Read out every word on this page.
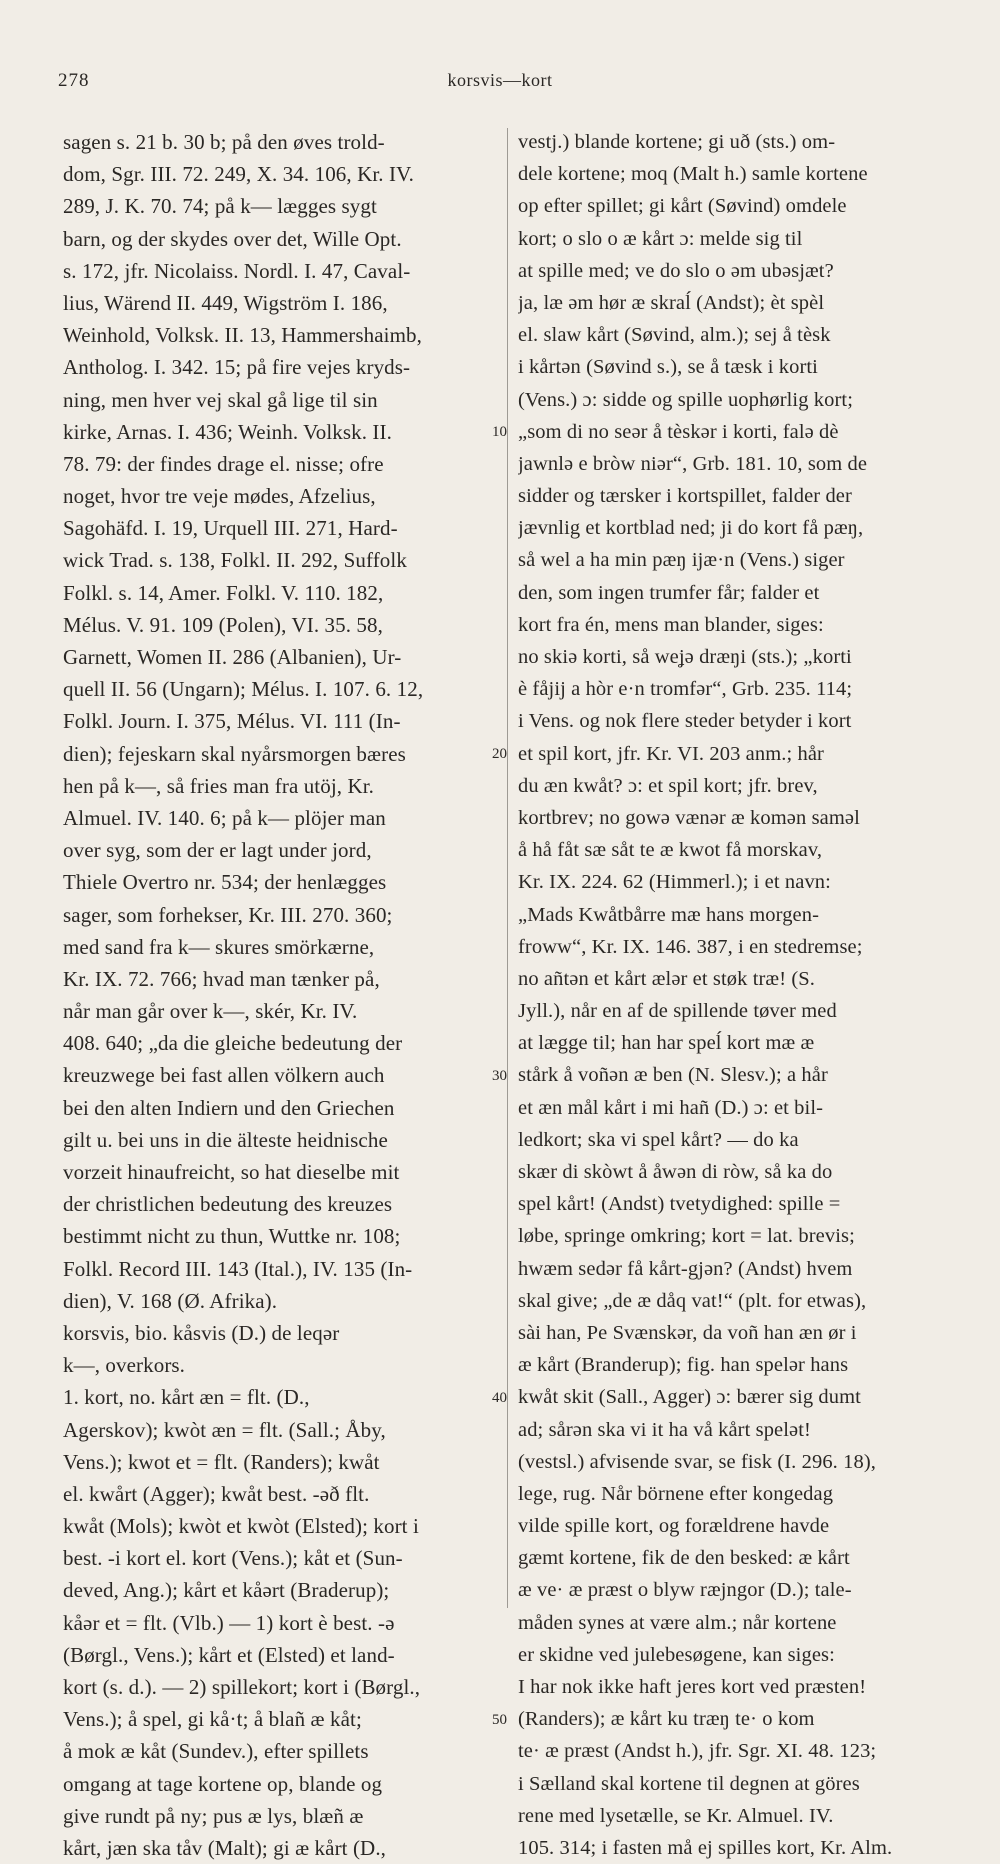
278	korsvis—kort
sagen s. 21 b. 30 b; på den øves trold-
dom, Sgr. III. 72. 249, X. 34. 106, Kr. IV.
289, J. K. 70. 74; på k— lægges sygt
barn, og der skydes over det, Wille Opt.
s. 172, jfr. Nicolaiss. Nordl. I. 47, Caval-
lius, Wärend II. 449, Wigström I. 186,
Weinhold, Volksk. II. 13, Hammershaimb,
Antholog. I. 342. 15; på fire vejes kryds-
ning, men hver vej skal gå lige til sin
kirke, Arnas. I. 436; Weinh. Volksk. II.
78. 79: der findes drage el. nisse; ofre
noget, hvor tre veje mødes, Afzelius,
Sagohäfd. I. 19, Urquell III. 271, Hard-
wick Trad. s. 138, Folkl. II. 292, Suffolk
Folkl. s. 14, Amer. Folkl. V. 110. 182,
Mélus. V. 91. 109 (Polen), VI. 35. 58,
Garnett, Women II. 286 (Albanien), Ur-
quell II. 56 (Ungarn); Mélus. I. 107. 6. 12,
Folkl. Journ. I. 375, Mélus. VI. 111 (In-
dien); fejeskarn skal nyårsmorgen bæres
hen på k—, så fries man fra utöj, Kr.
Almuel. IV. 140. 6; på k— plöjer man
over syg, som der er lagt under jord,
Thiele Overtro nr. 534; der henlægges
sager, som forhekser, Kr. III. 270. 360;
med sand fra k— skures smörkærne,
Kr. IX. 72. 766; hvad man tænker på,
når man går over k—, skér, Kr. IV.
408. 640; „da die gleiche bedeutung der
kreuzwege bei fast allen völkern auch
bei den alten Indiern und den Griechen
gilt u. bei uns in die älteste heidnische
vorzeit hinaufreicht, so hat dieselbe mit
der christlichen bedeutung des kreuzes
bestimmt nicht zu thun, Wuttke nr. 108;
Folkl. Record III. 143 (Ital.), IV. 135 (In-
dien), V. 168 (Ø. Afrika).
korsvis, bio. kåsvis (D.) de leqər
k—, overkors.
1. kort, no. kårt æn = flt. (D.,
Agerskov); kwòt æn = flt. (Sall.; Åby,
Vens.); kwot et = flt. (Randers); kwåt
el. kwårt (Agger); kwåt best. -əð flt.
kwåt (Mols); kwòt et kwòt (Elsted); kort i
best. -i kort el. kort (Vens.); kåt et (Sun-
deved, Ang.); kårt et kåərt (Braderup);
kåər et = flt. (Vlb.) — 1) kort è best. -ə
(Børgl., Vens.); kårt et (Elsted) et land-
kort (s. d.). — 2) spillekort; kort i (Børgl.,
Vens.); å spel, gi kå·t; å blañ æ kåt;
å mok æ kåt (Sundev.), efter spillets
omgang at tage kortene op, blande og
give rundt på ny; pus æ lys, blæñ æ
kårt, jæn ska tåv (Malt); gi æ kårt (D.,
vestj.) blande kortene; gi uð (sts.) om-
dele kortene; moq (Malt h.) samle kortene
op efter spillet; gi kårt (Søvind) omdele
kort; o slo o æ kårt ɔ: melde sig til
at spille med; ve do slo o əm ubəsjæt?
ja, læ əm hør æ skraĺ (Andst); èt spèl
el. slaw kårt (Søvind, alm.); sej å tèsk
i kårtən (Søvind s.), se å tæsk i korti
(Vens.) ɔ: sidde og spille uophørlig kort;
„som di no seər å tèskər i korti, falə dè
jawnlə e bròw niər“, Grb. 181. 10, som de
sidder og tærsker i kortspillet, falder der
jævnlig et kortblad ned; ji do kort få pæŋ,
så wel a ha min pæŋ ijæ·n (Vens.) siger
den, som ingen trumfer får; falder et
kort fra én, mens man blander, siges:
no skiə korti, så weʝə dræŋi (sts.); „korti
è fåjij a hòr e·n tromfər“, Grb. 235. 114;
i Vens. og nok flere steder betyder i kort
et spil kort, jfr. Kr. VI. 203 anm.; hår
du æn kwåt? ɔ: et spil kort; jfr. brev,
kortbrev; no gowə vænər æ komən saməl
å hå fåt sæ såt te æ kwot få morskav,
Kr. IX. 224. 62 (Himmerl.); i et navn:
„Mads Kwåtbårre mæ hans morgen-
froww“, Kr. IX. 146. 387, i en stedremse;
no añtən et kårt ælər et støk træ! (S.
Jyll.), når en af de spillende tøver med
at lægge til; han har speĺ kort mæ æ
stårk å voñən æ ben (N. Slesv.); a hår
et æn mål kårt i mi hañ (D.) ɔ: et bil-
ledkort; ska vi spel kårt? — do ka
skær di skòwt å åwən di ròw, så ka do
spel kårt! (Andst) tvetydighed: spille =
løbe, springe omkring; kort = lat. brevis;
hwæm sedər få kårt-gjən? (Andst) hvem
skal give; „de æ dåq vat!“ (plt. for etwas),
sài han, Pe Svænskər, da voñ han æn ør i
æ kårt (Branderup); fig. han spelər hans
kwåt skit (Sall., Agger) ɔ: bærer sig dumt
ad; sårən ska vi it ha vå kårt spelət!
(vestsl.) afvisende svar, se fisk (I. 296. 18),
lege, rug. Når börnene efter kongedag
vilde spille kort, og forældrene havde
gæmt kortene, fik de den besked: æ kårt
æ ve· æ præst o blyw ræjngor (D.); tale-
måden synes at være alm.; når kortene
er skidne ved julebesøgene, kan siges:
I har nok ikke haft jeres kort ved præsten!
(Randers); æ kårt ku træŋ te· o kom
te· æ præst (Andst h.), jfr. Sgr. XI. 48. 123;
i Sælland skal kortene til degnen at göres
rene med lysetælle, se Kr. Almuel. IV.
105. 314; i fasten må ej spilles kort, Kr. Alm.
10
20
30
40
50
